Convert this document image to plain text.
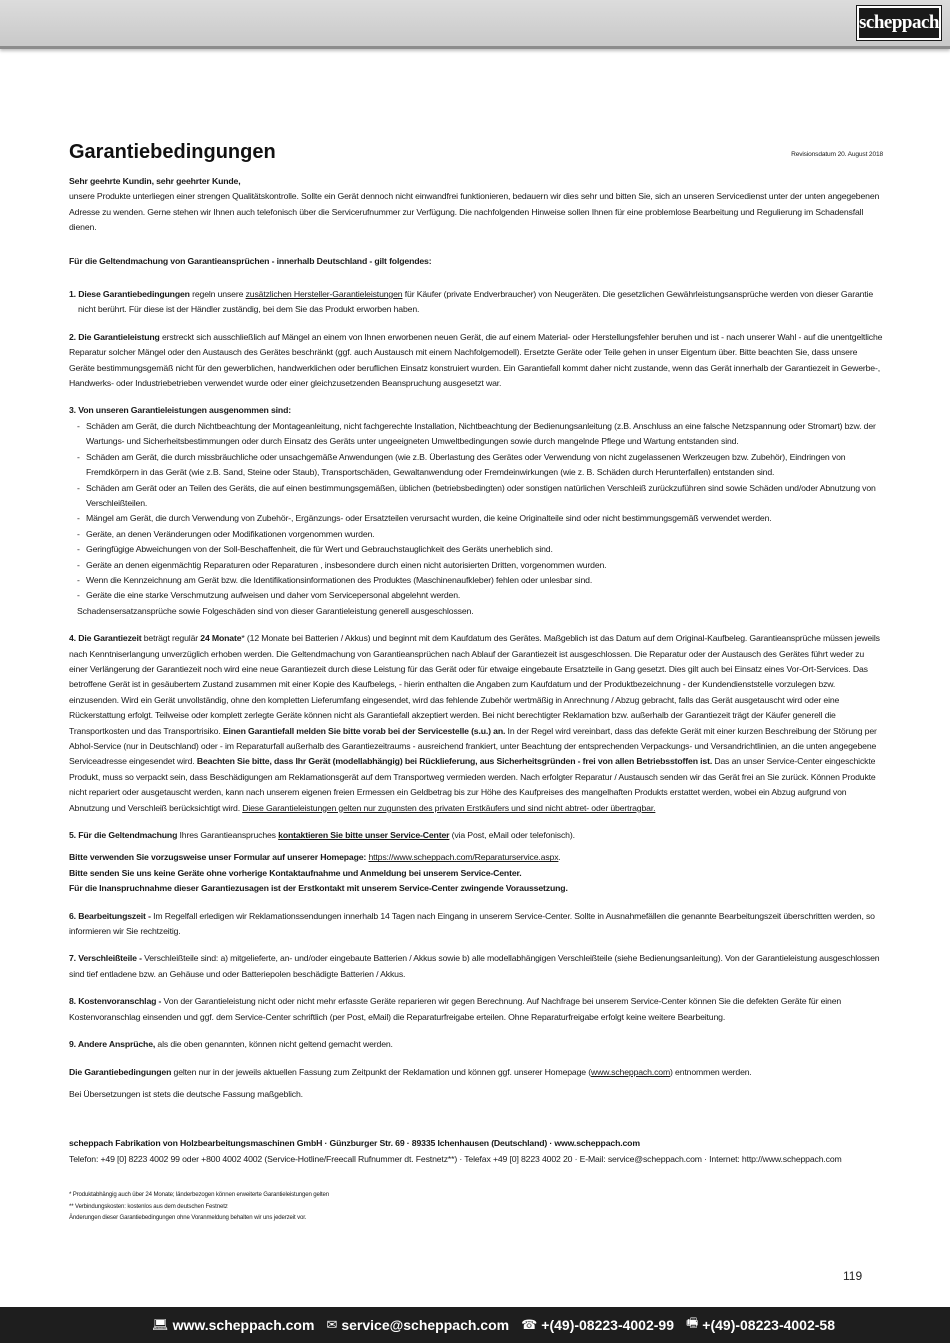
scheppach
Garantiebedingungen	Revisionsdatum 20. August 2018

Sehr geehrte Kundin, sehr geehrter Kunde,

unsere Produkte unterliegen einer strengen Qualitätskontrolle. Sollte ein Gerät dennoch nicht einwandfrei funktionieren, bedauern wir dies sehr und bitten Sie, sich an unseren Servicedienst unter der unten angegebenen Adresse zu wenden. Gerne stehen wir Ihnen auch telefonisch über die Servicerufnummer zur Verfügung. Die nachfolgenden Hinweise sollen Ihnen für eine problemlose Bearbeitung und Regulierung im Schadensfall dienen.

Für die Geltendmachung von Garantieansprüchen - innerhalb Deutschland - gilt folgendes:

1. Diese Garantiebedingungen regeln unsere zusätzlichen Hersteller-Garantieleistungen für Käufer (private Endverbraucher) von Neugeräten. Die gesetzlichen Gewährleistungsansprüche werden von dieser Garantie nicht berührt. Für diese ist der Händler zuständig, bei dem Sie das Produkt erworben haben.

2. Die Garantieleistung erstreckt sich ausschließlich auf Mängel an einem von Ihnen erworbenen neuen Gerät, die auf einem Material- oder Herstellungsfehler beruhen und ist - nach unserer Wahl - auf die unentgeltliche Reparatur solcher Mängel oder den Austausch des Gerätes beschränkt (ggf. auch Austausch mit einem Nachfolgemodell). Ersetzte Geräte oder Teile gehen in unser Eigentum über. Bitte beachten Sie, dass unsere Geräte bestimmungsgemäß nicht für den gewerblichen, handwerklichen oder beruflichen Einsatz konstruiert wurden. Ein Garantiefall kommt daher nicht zustande, wenn das Gerät innerhalb der Garantiezeit in Gewerbe-, Handwerks- oder Industriebetrieben verwendet wurde oder einer gleichzusetzenden Beanspruchung ausgesetzt war.

3. Von unseren Garantieleistungen ausgenommen sind:

- Schäden am Gerät, die durch Nichtbeachtung der Montageanleitung, nicht fachgerechte Installation, Nichtbeachtung der Bedienungsanleitung (z.B. Anschluss an eine falsche Netzspannung oder Stromart) bzw. der Wartungs- und Sicherheitsbestimmungen oder durch Einsatz des Geräts unter ungeeigneten Umweltbedingungen sowie durch mangelnde Pflege und Wartung entstanden sind.
- Schäden am Gerät, die durch missbräuchliche oder unsachgemäße Anwendungen (wie z.B. Überlastung des Gerätes oder Verwendung von nicht zugelassenen Werkzeugen bzw. Zubehör), Eindringen von Fremdkörpern in das Gerät (wie z.B. Sand, Steine oder Staub), Transportschäden, Gewaltanwendung oder Fremdeinwirkungen (wie z. B. Schäden durch Herunterfallen) entstanden sind.
- Schäden am Gerät oder an Teilen des Geräts, die auf einen bestimmungsgemäßen, üblichen (betriebsbedingten) oder sonstigen natürlichen Verschleiß zurückzuführen sind sowie Schäden und/oder Abnutzung von Verschleißteilen.
- Mängel am Gerät, die durch Verwendung von Zubehör-, Ergänzungs- oder Ersatzteilen verursacht wurden, die keine Originalteile sind oder nicht bestimmungsgemäß verwendet werden.
- Geräte, an denen Veränderungen oder Modifikationen vorgenommen wurden.
- Geringfügige Abweichungen von der Soll-Beschaffenheit, die für Wert und Gebrauchstauglichkeit des Geräts unerheblich sind.
- Geräte an denen eigenmächtig Reparaturen oder Reparaturen , insbesondere durch einen nicht autorisierten Dritten, vorgenommen wurden.
- Wenn die Kennzeichnung am Gerät bzw. die Identifikationsinformationen des Produktes (Maschinenaufkleber) fehlen oder unlesbar sind.
- Geräte die eine starke Verschmutzung aufweisen und daher vom Servicepersonal abgelehnt werden.

Schadensersatzansprüche sowie Folgeschäden sind von dieser Garantieleistung generell ausgeschlossen.

4. Die Garantiezeit beträgt regulär 24 Monate* (12 Monate bei Batterien / Akkus) und beginnt mit dem Kaufdatum des Gerätes. Maßgeblich ist das Datum auf dem Original-Kaufbeleg. Garantieansprüche müssen jeweils nach Kenntniserlangung unverzüglich erhoben werden. Die Geltendmachung von Garantieansprüchen nach Ablauf der Garantiezeit ist ausgeschlossen. Die Reparatur oder der Austausch des Gerätes führt weder zu einer Verlängerung der Garantiezeit noch wird eine neue Garantiezeit durch diese Leistung für das Gerät oder für etwaige eingebaute Ersatzteile in Gang gesetzt. Dies gilt auch bei Einsatz eines Vor-Ort-Services. Das betroffene Gerät ist in gesäubertem Zustand zusammen mit einer Kopie des Kaufbelegs, - hierin enthalten die Angaben zum Kaufdatum und der Produktbezeichnung - der Kundendienststelle vorzulegen bzw. einzusenden. Wird ein Gerät unvollständig, ohne den kompletten Lieferumfang eingesendet, wird das fehlende Zubehör wertmäßig in Anrechnung / Abzug gebracht, falls das Gerät ausgetauscht wird oder eine Rückerstattung erfolgt. Teilweise oder komplett zerlegte Geräte können nicht als Garantiefall akzeptiert werden. Bei nicht berechtigter Reklamation bzw. außerhalb der Garantiezeit trägt der Käufer generell die Transportkosten und das Transportrisiko. Einen Garantiefall melden Sie bitte vorab bei der Servicestelle (s.u.) an. In der Regel wird vereinbart, dass das defekte Gerät mit einer kurzen Beschreibung der Störung per Abhol-Service (nur in Deutschland) oder - im Reparaturfall außerhalb des Garantiezeitraums - ausreichend frankiert, unter Beachtung der entsprechenden Verpackungs- und Versandrichtlinien, an die unten angegebene Serviceadresse eingesendet wird. Beachten Sie bitte, dass Ihr Gerät (modellabhängig) bei Rücklieferung, aus Sicherheitsgründen - frei von allen Betriebsstoffen ist. Das an unser Service-Center eingeschickte Produkt, muss so verpackt sein, dass Beschädigungen am Reklamationsgerät auf dem Transportweg vermieden werden. Nach erfolgter Reparatur / Austausch senden wir das Gerät frei an Sie zurück. Können Produkte nicht repariert oder ausgetauscht werden, kann nach unserem eigenen freien Ermessen ein Geldbetrag bis zur Höhe des Kaufpreises des mangelhaften Produkts erstattet werden, wobei ein Abzug aufgrund von Abnutzung und Verschleiß berücksichtigt wird. Diese Garantieleistungen gelten nur zugunsten des privaten Erstkäufers und sind nicht abtret- oder übertragbar.

5. Für die Geltendmachung Ihres Garantieanspruches kontaktieren Sie bitte unser Service-Center (via Post, eMail oder telefonisch).

Bitte verwenden Sie vorzugsweise unser Formular auf unserer Homepage: https://www.scheppach.com/Reparaturservice.aspx.

Bitte senden Sie uns keine Geräte ohne vorherige Kontaktaufnahme und Anmeldung bei unserem Service-Center.

Für die Inanspruchnahme dieser Garantiezusagen ist der Erstkontakt mit unserem Service-Center zwingende Voraussetzung.

6. Bearbeitungszeit - Im Regelfall erledigen wir Reklamationssendungen innerhalb 14 Tagen nach Eingang in unserem Service-Center. Sollte in Ausnahmefällen die genannte Bearbeitungszeit überschritten werden, so informieren wir Sie rechtzeitig.

7. Verschleißteile - Verschleißteile sind: a) mitgelieferte, an- und/oder eingebaute Batterien / Akkus sowie b) alle modellabhängigen Verschleißteile (siehe Bedienungsanleitung). Von der Garantieleistung ausgeschlossen sind tief entladene bzw. an Gehäuse und oder Batteriepolen beschädigte Batterien / Akkus.

8. Kostenvoranschlag - Von der Garantieleistung nicht oder nicht mehr erfasste Geräte reparieren wir gegen Berechnung. Auf Nachfrage bei unserem Service-Center können Sie die defekten Geräte für einen Kostenvoranschlag einsenden und ggf. dem Service-Center schriftlich (per Post, eMail) die Reparaturfreigabe erteilen. Ohne Reparaturfreigabe erfolgt keine weitere Bearbeitung.

9. Andere Ansprüche, als die oben genannten, können nicht geltend gemacht werden.

Die Garantiebedingungen gelten nur in der jeweils aktuellen Fassung zum Zeitpunkt der Reklamation und können ggf. unserer Homepage (www.scheppach.com) entnommen werden.

Bei Übersetzungen ist stets die deutsche Fassung maßgeblich.

scheppach Fabrikation von Holzbearbeitungsmaschinen GmbH · Günzburger Str. 69 · 89335 Ichenhausen (Deutschland) · www.scheppach.com

Telefon: +49 [0] 8223 4002 99 oder +800 4002 4002 (Service-Hotline/Freecall Rufnummer dt. Festnetz**) · Telefax +49 [0] 8223 4002 20 · E-Mail: service@scheppach.com · Internet: http://www.scheppach.com

* Produktabhängig auch über 24 Monate; länderbezogen können erweiterte Garantieleistungen gelten

** Verbindungskosten: kostenlos aus dem deutschen Festnetz

Änderungen dieser Garantiebedingungen ohne Voranmeldung behalten wir uns jederzeit vor.

119
💻︎ www.scheppach.com ✉︎ service@scheppach.com ☎︎ +(49)-08223-4002-99 🖷︎ +(49)-08223-4002-58
